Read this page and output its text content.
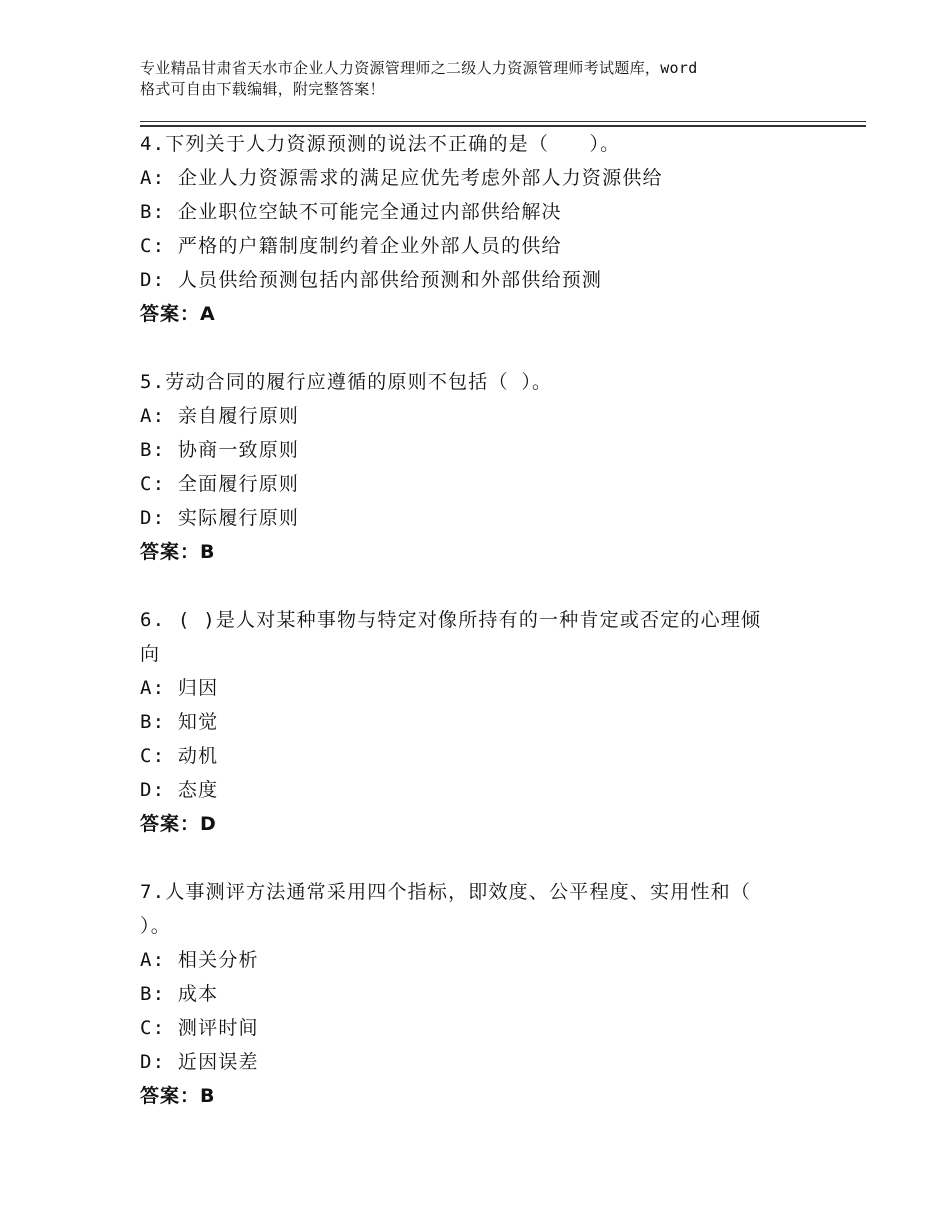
专业精品甘肃省天水市企业人力资源管理师之二级人力资源管理师考试题库，word
格式可自由下载编辑，附完整答案！
4.下列关于人力资源预测的说法不正确的是（　　）。
A: 企业人力资源需求的满足应优先考虑外部人力资源供给
B: 企业职位空缺不可能完全通过内部供给解决
C: 严格的户籍制度制约着企业外部人员的供给
D: 人员供给预测包括内部供给预测和外部供给预测
答案：A
5.劳动合同的履行应遵循的原则不包括（ ）。
A: 亲自履行原则
B: 协商一致原则
C: 全面履行原则
D: 实际履行原则
答案：B
6. ( )是人对某种事物与特定对像所持有的一种肯定或否定的心理倾
向
A: 归因
B: 知觉
C: 动机
D: 态度
答案：D
7.人事测评方法通常采用四个指标，即效度、公平程度、实用性和（
）。
A: 相关分析
B: 成本
C: 测评时间
D: 近因误差
答案：B
